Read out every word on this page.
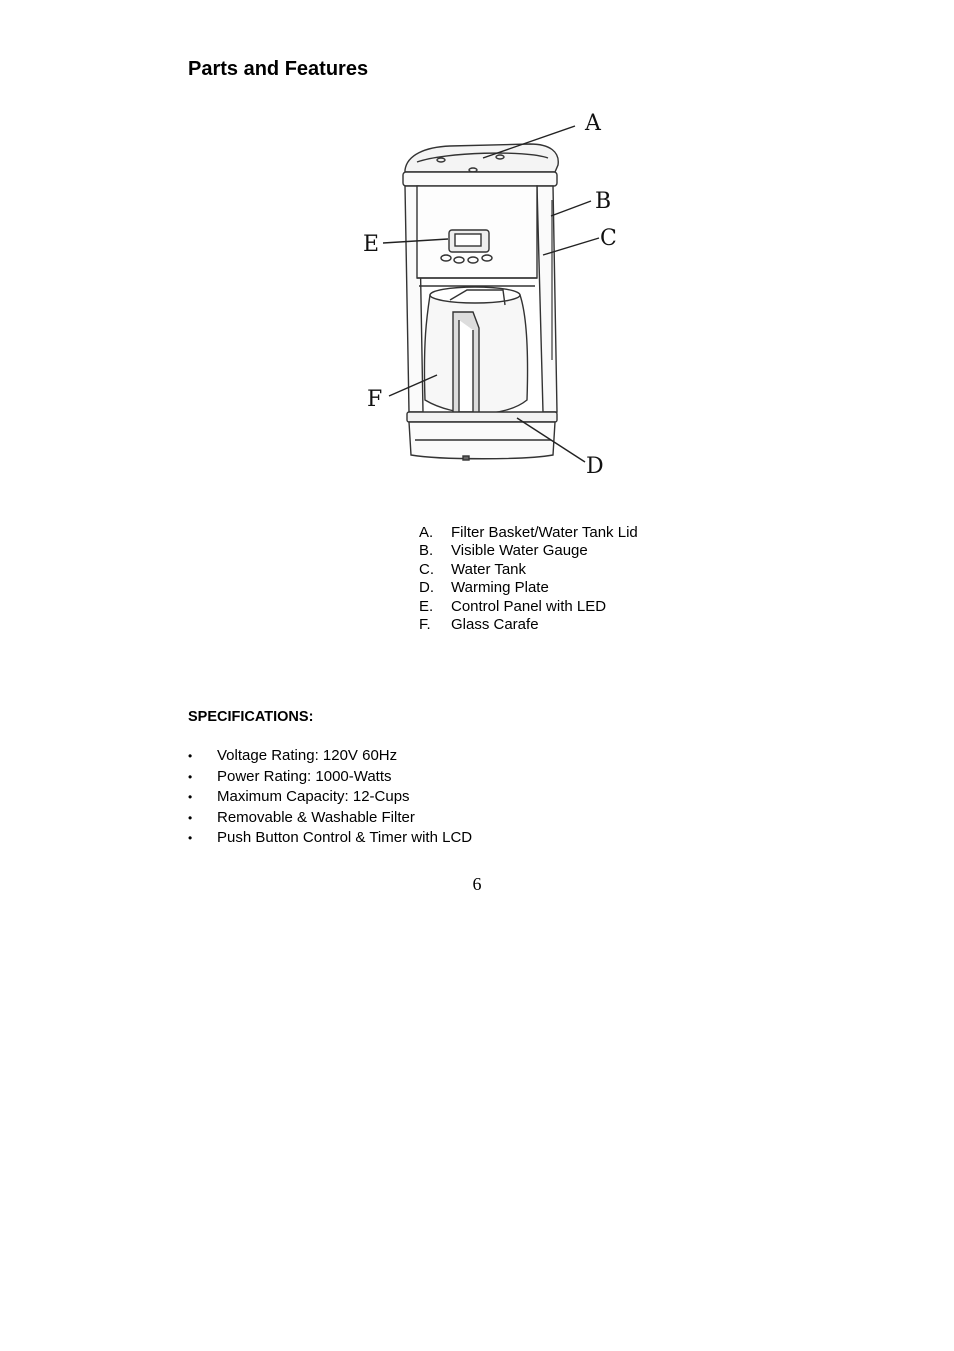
Parts and Features
A
B
C
D
E
F
A.	Filter Basket/Water Tank Lid
B.	Visible Water Gauge
C.	Water Tank
D.	Warming Plate
E.	Control Panel with LED
F.	Glass Carafe
SPECIFICATIONS:
•	Voltage Rating: 120V 60Hz
•	Power Rating: 1000-Watts
•	Maximum Capacity: 12-Cups
•	Removable & Washable Filter
•	Push Button Control & Timer with LCD
6
